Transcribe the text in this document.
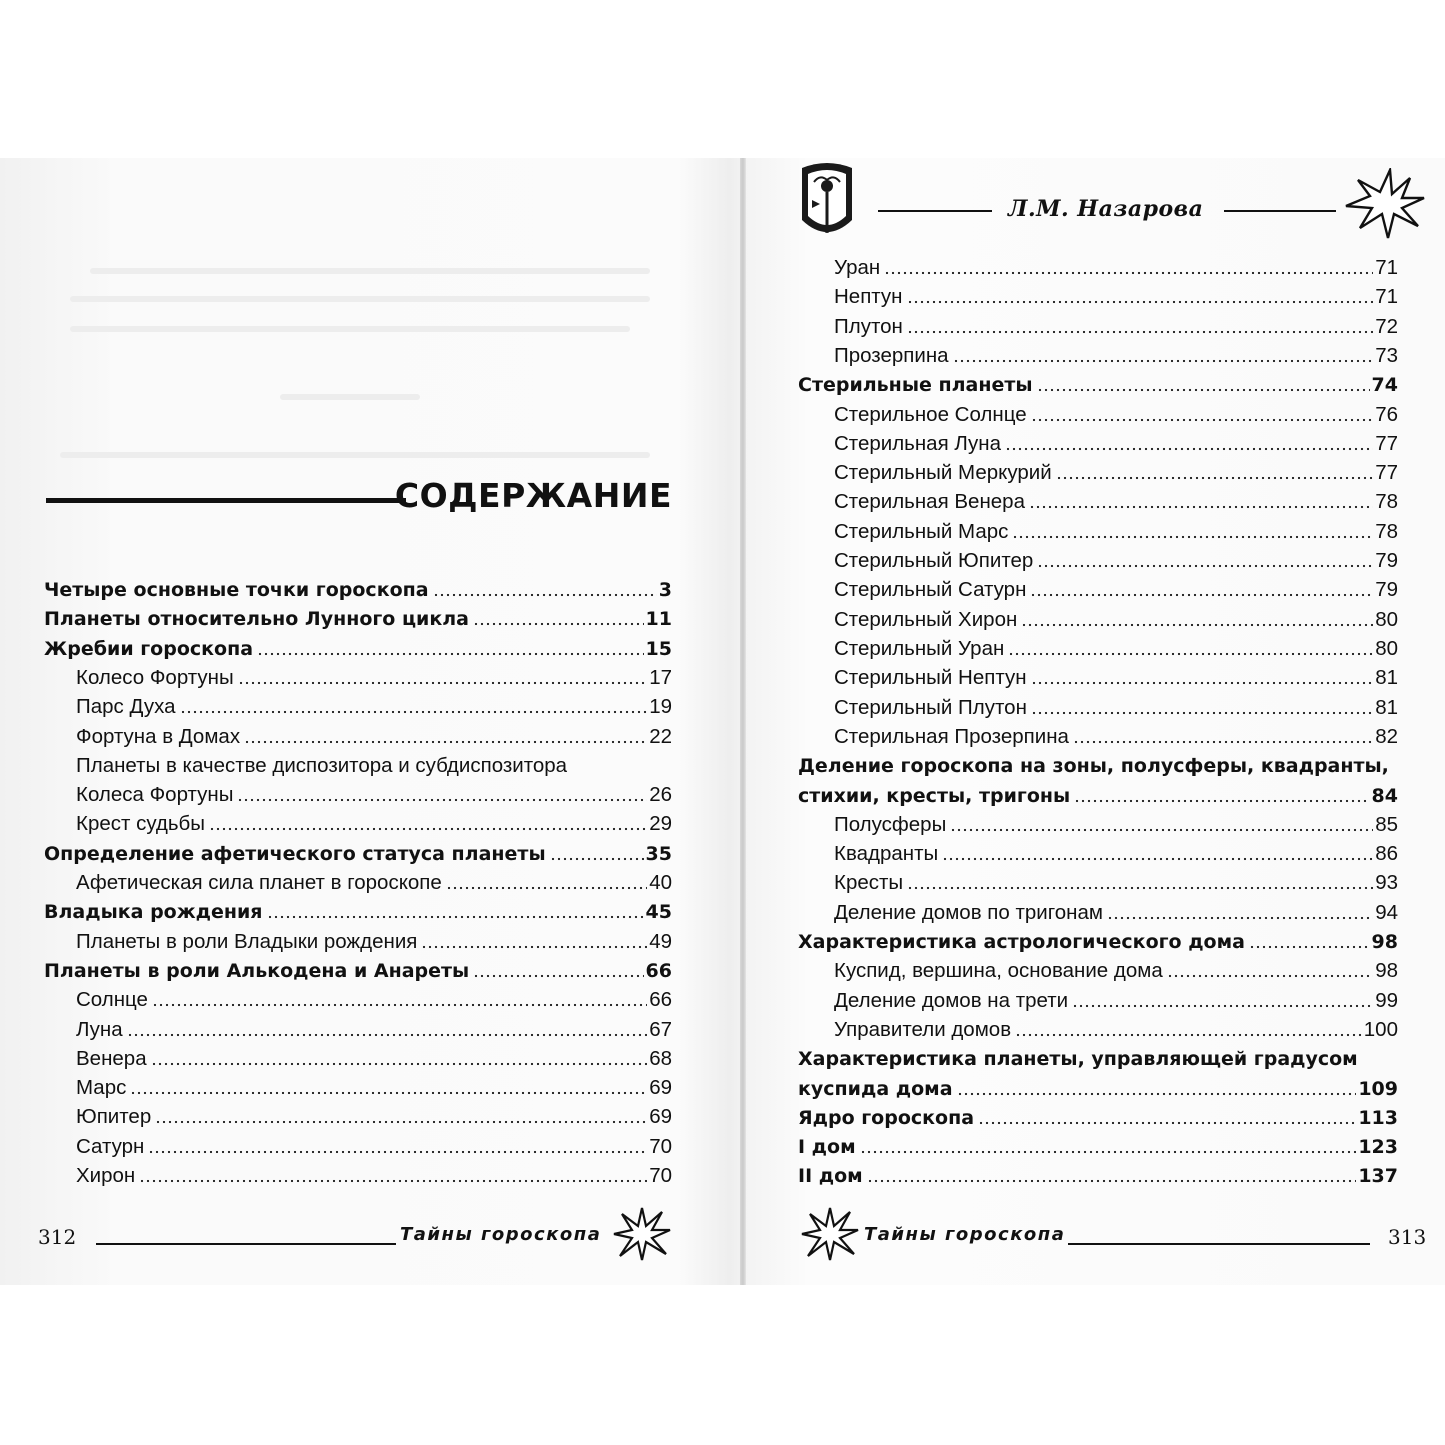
СОДЕРЖАНИЕ
Четыре основные точки гороскопа	3
Планеты относительно Лунного цикла	11
Жребии гороскопа	15
Колесо Фортуны	17
Парс Духа	19
Фортуна в Домах	22
Планеты в качестве диспозитора и субдиспозитора
Колеса Фортуны	26
Крест судьбы	29
Определение афетического статуса планеты	35
Афетическая сила планет в гороскопе	40
Владыка рождения	45
Планеты в роли Владыки рождения	49
Планеты в роли Алькодена и Анареты	66
Солнце	66
Луна	67
Венера	68
Марс	69
Юпитер	69
Сатурн	70
Хирон	70
312	Тайны гороскопа
Л.М. Назарова
Уран	71
Нептун	71
Плутон	72
Прозерпина	73
Стерильные планеты	74
Стерильное Солнце	76
Стерильная Луна	77
Стерильный Меркурий	77
Стерильная Венера	78
Стерильный Марс	78
Стерильный Юпитер	79
Стерильный Сатурн	79
Стерильный Хирон	80
Стерильный Уран	80
Стерильный Нептун	81
Стерильный Плутон	81
Стерильная Прозерпина	82
Деление гороскопа на зоны, полусферы, квадранты,
стихии, кресты, тригоны	84
Полусферы	85
Квадранты	86
Кресты	93
Деление домов по тригонам	94
Характеристика астрологического дома	98
Куспид, вершина, основание дома	98
Деление домов на трети	99
Управители домов	100
Характеристика планеты, управляющей градусом
куспида дома	109
Ядро гороскопа	113
I дом	123
II дом	137
Тайны гороскопа	313
